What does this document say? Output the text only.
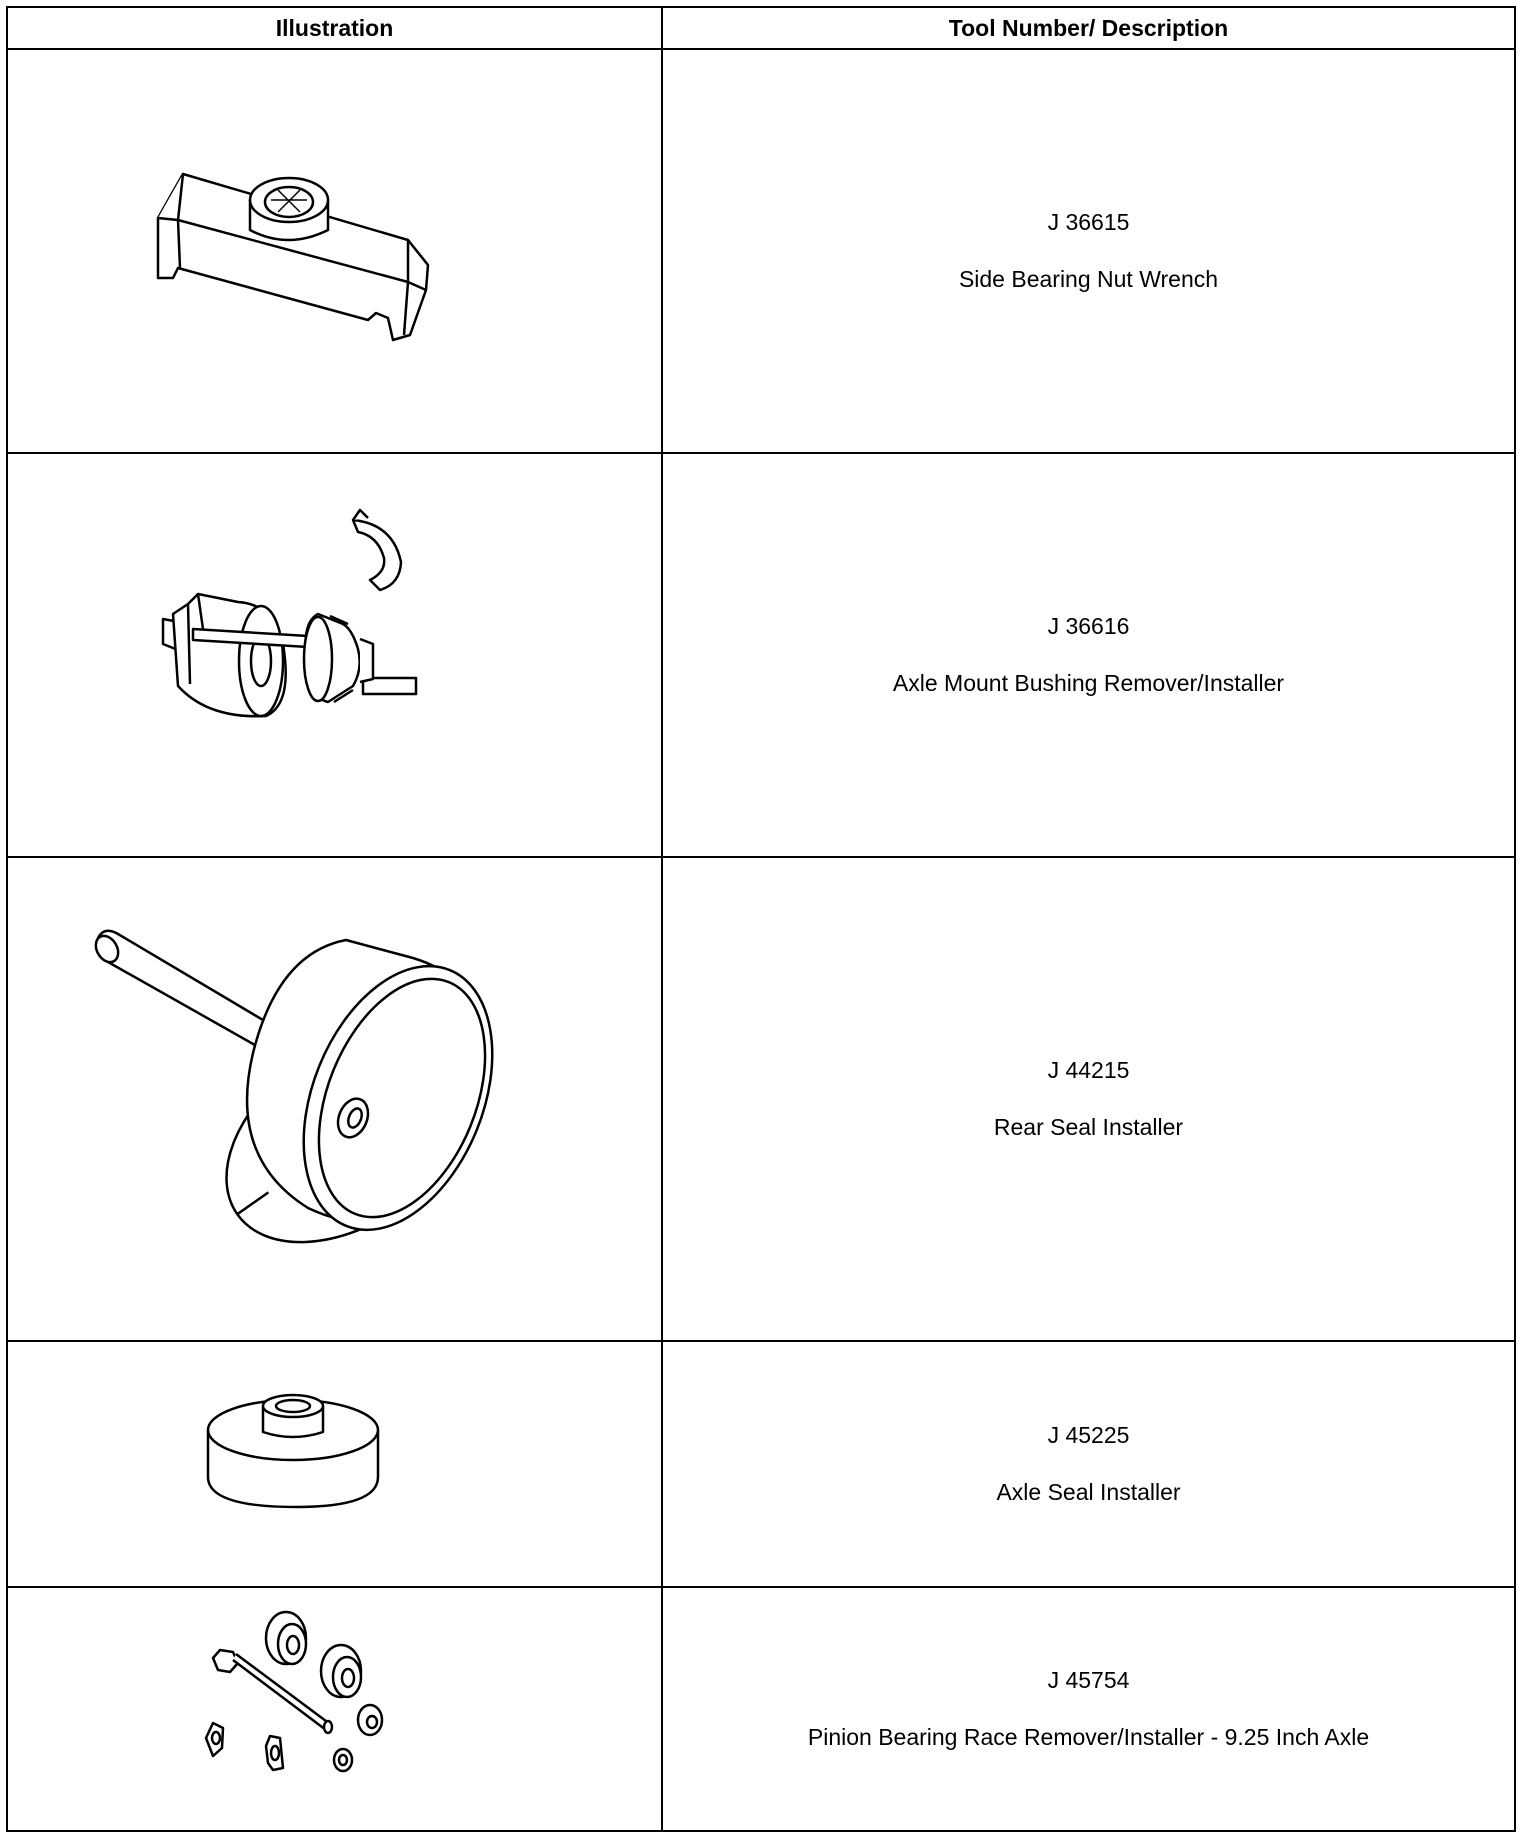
Illustration	Tool Number/ Description

J 36615
Side Bearing Nut Wrench

J 36616
Axle Mount Bushing Remover/Installer

J 44215
Rear Seal Installer

J 45225
Axle Seal Installer

J 45754
Pinion Bearing Race Remover/Installer - 9.25 Inch Axle
